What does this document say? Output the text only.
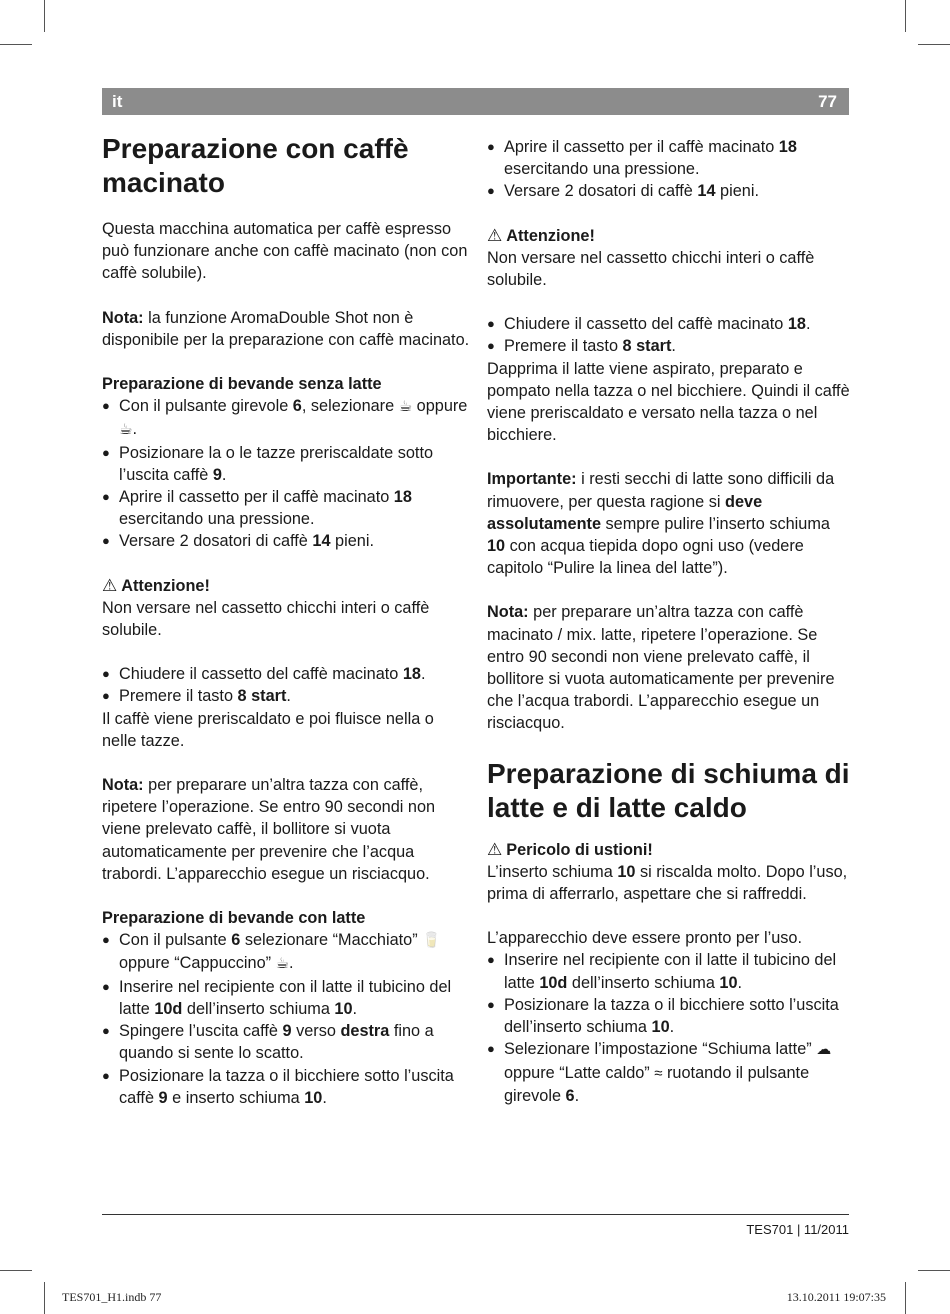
it	77
Preparazione con caffè macinato

Questa macchina automatica per caffè espresso può funzionare anche con caffè macinato (non con caffè solubile).

Nota: la funzione AromaDouble Shot non è disponibile per la preparazione con caffè macinato.

Preparazione di bevande senza latte

● Con il pulsante girevole 6, selezionare ☕ oppure ☕.
● Posizionare la o le tazze preriscaldate sotto l’uscita caffè 9.
● Aprire il cassetto per il caffè macinato 18 esercitando una pressione.
● Versare 2 dosatori di caffè 14 pieni.

⚠ Attenzione!

Non versare nel cassetto chicchi interi o caffè solubile.

● Chiudere il cassetto del caffè macinato 18.
● Premere il tasto 8 start.

Il caffè viene preriscaldato e poi fluisce nella o nelle tazze.

Nota: per preparare un’altra tazza con caffè, ripetere l’operazione. Se entro 90 secondi non viene prelevato caffè, il bollitore si vuota automaticamente per prevenire che l’acqua trabordi. L’apparecchio esegue un risciacquo.

Preparazione di bevande con latte

● Con il pulsante 6 selezionare “Macchiato” 🥛 oppure “Cappuccino” ☕.
● Inserire nel recipiente con il latte il tubicino del latte 10d dell’inserto schiuma 10.
● Spingere l’uscita caffè 9 verso destra fino a quando si sente lo scatto.
● Posizionare la tazza o il bicchiere sotto l’uscita caffè 9 e inserto schiuma 10.
● Aprire il cassetto per il caffè macinato 18 esercitando una pressione.
● Versare 2 dosatori di caffè 14 pieni.

⚠ Attenzione!

Non versare nel cassetto chicchi interi o caffè solubile.

● Chiudere il cassetto del caffè macinato 18.
● Premere il tasto 8 start.

Dapprima il latte viene aspirato, preparato e pompato nella tazza o nel bicchiere. Quindi il caffè viene preriscaldato e versato nella tazza o nel bicchiere.

Importante: i resti secchi di latte sono difficili da rimuovere, per questa ragione si deve assolutamente sempre pulire l’inserto schiuma 10 con acqua tiepida dopo ogni uso (vedere capitolo “Pulire la linea del latte”).

Nota: per preparare un’altra tazza con caffè macinato / mix. latte, ripetere l’operazione. Se entro 90 secondi non viene prelevato caffè, il bollitore si vuota automaticamente per prevenire che l’acqua trabordi. L’apparecchio esegue un risciacquo.

Preparazione di schiuma di latte e di latte caldo

⚠ Pericolo di ustioni!

L’inserto schiuma 10 si riscalda molto. Dopo l’uso, prima di afferrarlo, aspettare che si raffreddi.

L’apparecchio deve essere pronto per l’uso.

● Inserire nel recipiente con il latte il tubicino del latte 10d dell’inserto schiuma 10.
● Posizionare la tazza o il bicchiere sotto l’uscita dell’inserto schiuma 10.
● Selezionare l’impostazione “Schiuma latte” ☁ oppure “Latte caldo” ≈ ruotando il pulsante girevole 6.
TES701 | 11/2011
TES701_H1.indb 77	13.10.2011 19:07:35
